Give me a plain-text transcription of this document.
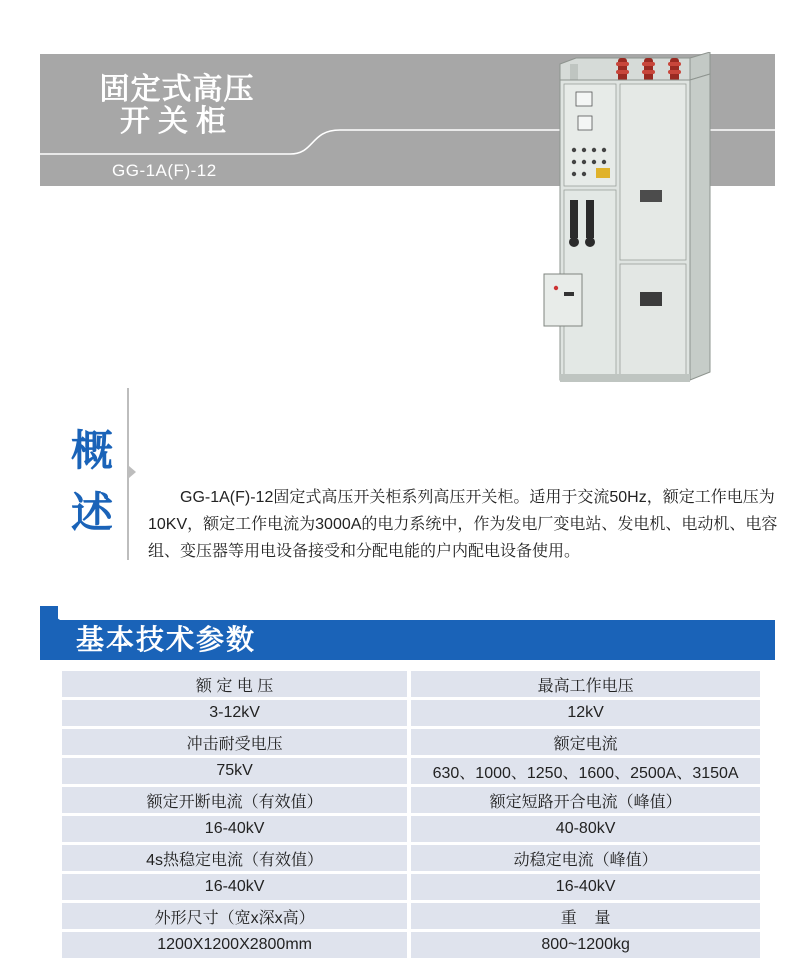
固定式高压
开关柜
GG-1A(F)-12
概
述	GG-1A(F)-12固定式高压开关柜系列高压开关柜。适用于交流50Hz，额定工作电压为10KV，额定工作电流为3000A的电力系统中，作为发电厂变电站、发电机、电动机、电容组、变压器等用电设备接受和分配电能的户内配电设备使用。
基本技术参数
额 定 电 压	最高工作电压
3-12kV	12kV
冲击耐受电压	额定电流
75kV	630、1000、1250、1600、2500A、3150A
额定开断电流（有效值）	额定短路开合电流（峰值）
16-40kV	40-80kV
4s热稳定电流（有效值）	动稳定电流（峰值）
16-40kV	16-40kV
外形尺寸（宽x深x高）	重    量
1200X1200X2800mm	800~1200kg
